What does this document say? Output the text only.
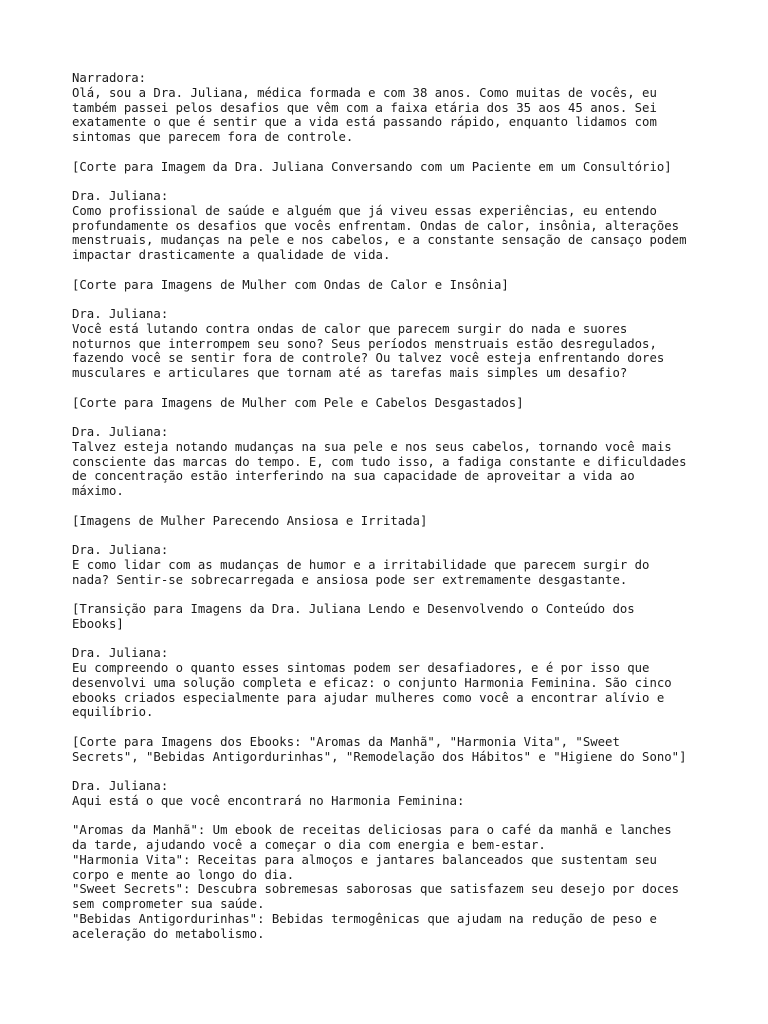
Narradora:
Olá, sou a Dra. Juliana, médica formada e com 38 anos. Como muitas de vocês, eu
também passei pelos desafios que vêm com a faixa etária dos 35 aos 45 anos. Sei
exatamente o que é sentir que a vida está passando rápido, enquanto lidamos com
sintomas que parecem fora de controle.

[Corte para Imagem da Dra. Juliana Conversando com um Paciente em um Consultório]

Dra. Juliana:
Como profissional de saúde e alguém que já viveu essas experiências, eu entendo
profundamente os desafios que vocês enfrentam. Ondas de calor, insônia, alterações
menstruais, mudanças na pele e nos cabelos, e a constante sensação de cansaço podem
impactar drasticamente a qualidade de vida.

[Corte para Imagens de Mulher com Ondas de Calor e Insônia]

Dra. Juliana:
Você está lutando contra ondas de calor que parecem surgir do nada e suores
noturnos que interrompem seu sono? Seus períodos menstruais estão desregulados,
fazendo você se sentir fora de controle? Ou talvez você esteja enfrentando dores
musculares e articulares que tornam até as tarefas mais simples um desafio?

[Corte para Imagens de Mulher com Pele e Cabelos Desgastados]

Dra. Juliana:
Talvez esteja notando mudanças na sua pele e nos seus cabelos, tornando você mais
consciente das marcas do tempo. E, com tudo isso, a fadiga constante e dificuldades
de concentração estão interferindo na sua capacidade de aproveitar a vida ao
máximo.

[Imagens de Mulher Parecendo Ansiosa e Irritada]

Dra. Juliana:
E como lidar com as mudanças de humor e a irritabilidade que parecem surgir do
nada? Sentir-se sobrecarregada e ansiosa pode ser extremamente desgastante.

[Transição para Imagens da Dra. Juliana Lendo e Desenvolvendo o Conteúdo dos
Ebooks]

Dra. Juliana:
Eu compreendo o quanto esses sintomas podem ser desafiadores, e é por isso que
desenvolvi uma solução completa e eficaz: o conjunto Harmonia Feminina. São cinco
ebooks criados especialmente para ajudar mulheres como você a encontrar alívio e
equilíbrio.

[Corte para Imagens dos Ebooks: "Aromas da Manhã", "Harmonia Vita", "Sweet
Secrets", "Bebidas Antigordurinhas", "Remodelação dos Hábitos" e "Higiene do Sono"]

Dra. Juliana:
Aqui está o que você encontrará no Harmonia Feminina:

"Aromas da Manhã": Um ebook de receitas deliciosas para o café da manhã e lanches
da tarde, ajudando você a começar o dia com energia e bem-estar.
"Harmonia Vita": Receitas para almoços e jantares balanceados que sustentam seu
corpo e mente ao longo do dia.
"Sweet Secrets": Descubra sobremesas saborosas que satisfazem seu desejo por doces
sem comprometer sua saúde.
"Bebidas Antigordurinhas": Bebidas termogênicas que ajudam na redução de peso e
aceleração do metabolismo.
